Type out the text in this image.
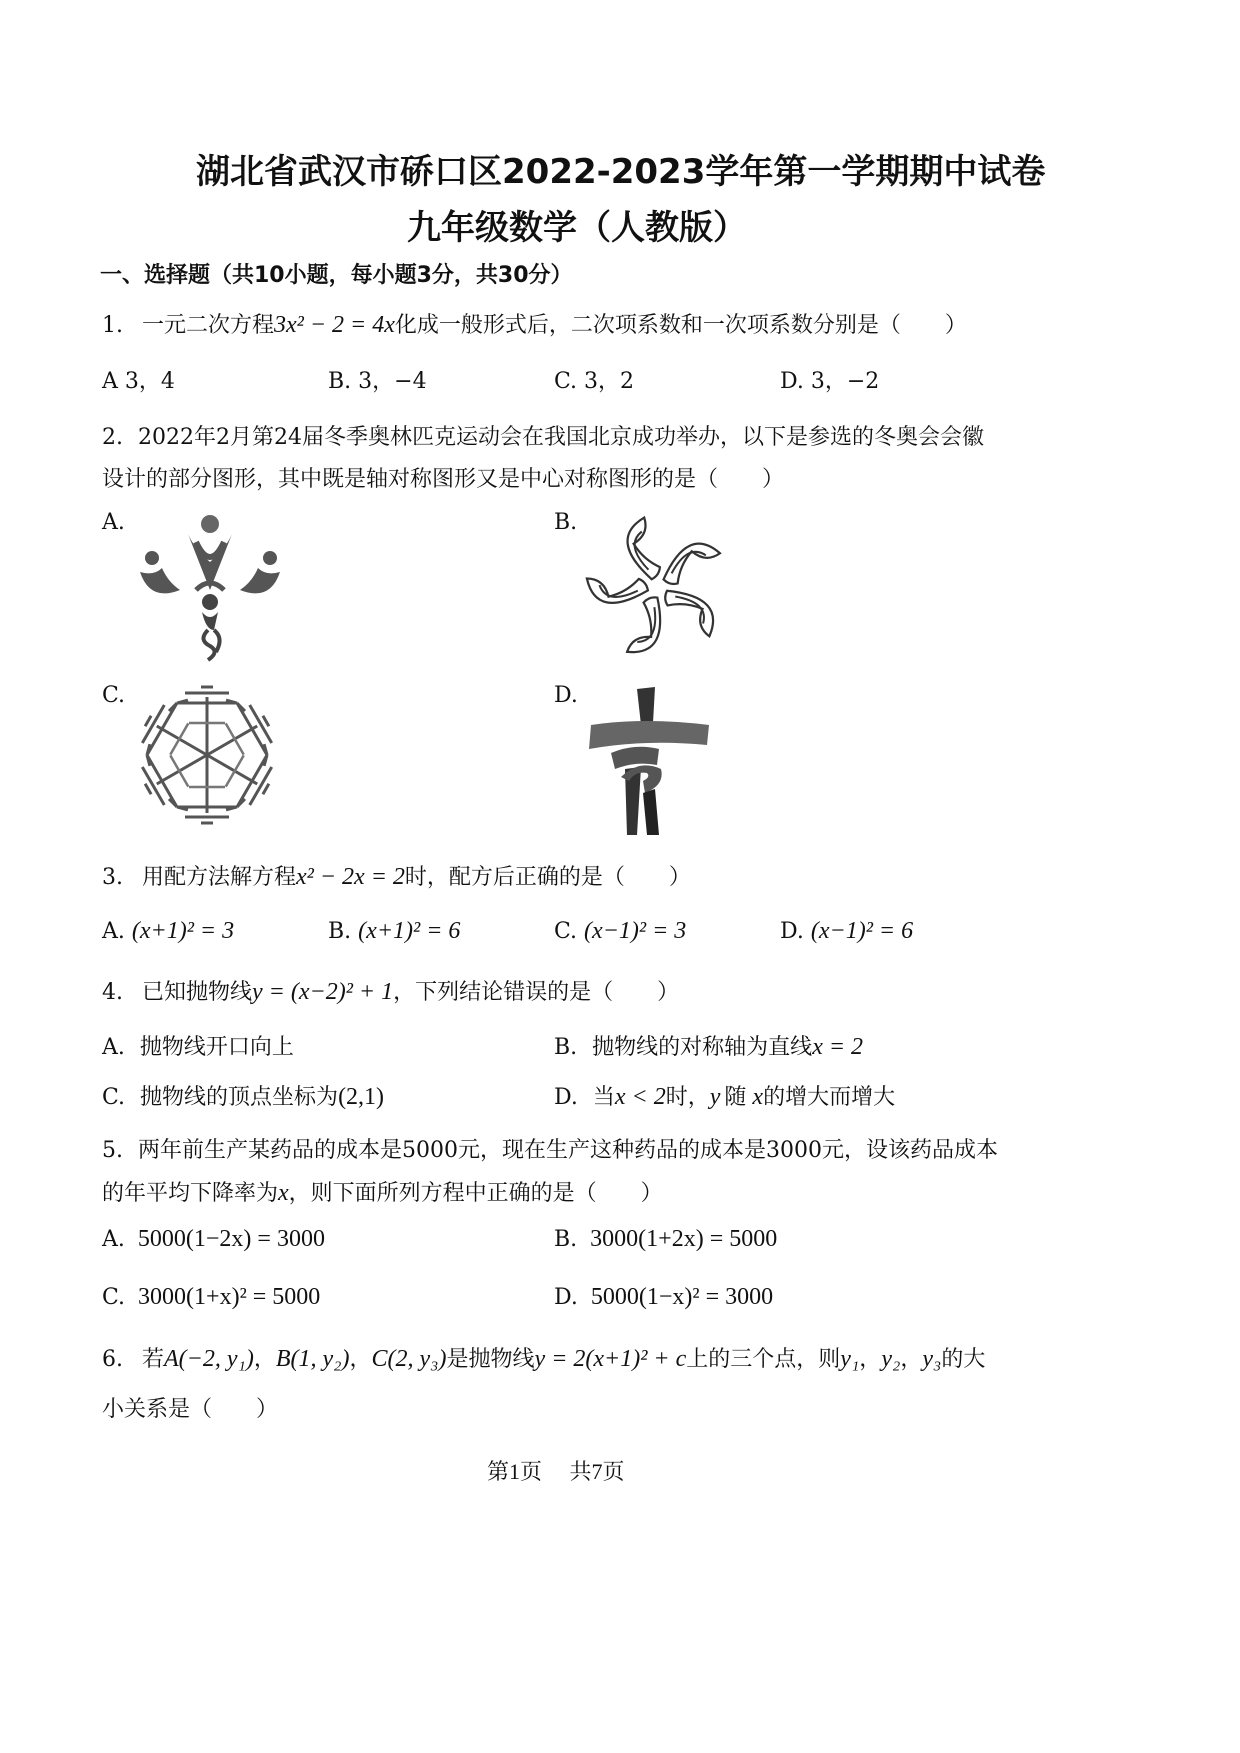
湖北省武汉市硚口区2022-2023学年第一学期期中试卷
九年级数学（人教版）
一、选择题（共10小题，每小题3分，共30分）
1. 一元二次方程3x² − 2 = 4x化成一般形式后，二次项系数和一次项系数分别是（　　）
A 3，4	B. 3，−4	C. 3，2	D. 3，−2
2. 2022年2月第24届冬季奥林匹克运动会在我国北京成功举办，以下是参选的冬奥会会徽
设计的部分图形，其中既是轴对称图形又是中心对称图形的是（　　）
A.	B.
C.	D.
3. 用配方法解方程x² − 2x = 2时，配方后正确的是（　　）
A. (x+1)² = 3	B. (x+1)² = 6	C. (x−1)² = 3	D. (x−1)² = 6
4. 已知抛物线y = (x−2)² + 1，下列结论错误的是（　　）
A. 抛物线开口向上	B. 抛物线的对称轴为直线x = 2
C. 抛物线的顶点坐标为(2,1)	D. 当x < 2时，y 随 x的增大而增大
5. 两年前生产某药品的成本是5000元，现在生产这种药品的成本是3000元，设该药品成本
的年平均下降率为x，则下面所列方程中正确的是（　　）
A. 5000(1−2x) = 3000	B. 3000(1+2x) = 5000
C. 3000(1+x)² = 5000	D. 5000(1−x)² = 3000
6. 若A(−2, y₁)，B(1, y₂)，C(2, y₃)是抛物线y = 2(x+1)² + c上的三个点，则y₁，y₂，y₃的大
小关系是（　　）
第1页 共7页
